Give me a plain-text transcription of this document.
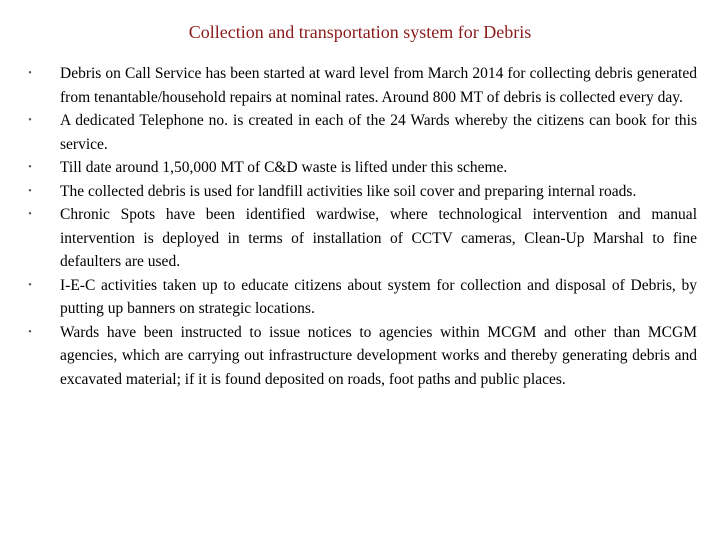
Collection and transportation system for Debris
• Debris on Call Service has been started at ward level from March 2014 for collecting debris generated from tenantable/household repairs at nominal rates. Around 800 MT of debris is collected every day.
• A dedicated Telephone no. is created in each of the 24 Wards whereby the citizens can book for this service.
• Till date around 1,50,000 MT of C&D waste is lifted under this scheme.
• The collected debris is used for landfill activities like soil cover and preparing internal roads.
• Chronic Spots have been identified wardwise, where technological intervention and manual intervention is deployed in terms of installation of CCTV cameras, Clean-Up Marshal to fine defaulters are used.
• I-E-C activities taken up to educate citizens about system for collection and disposal of Debris, by putting up banners on strategic locations.
• Wards have been instructed to issue notices to agencies within MCGM and other than MCGM agencies, which are carrying out infrastructure development works and thereby generating debris and excavated material; if it is found deposited on roads, foot paths and public places.
